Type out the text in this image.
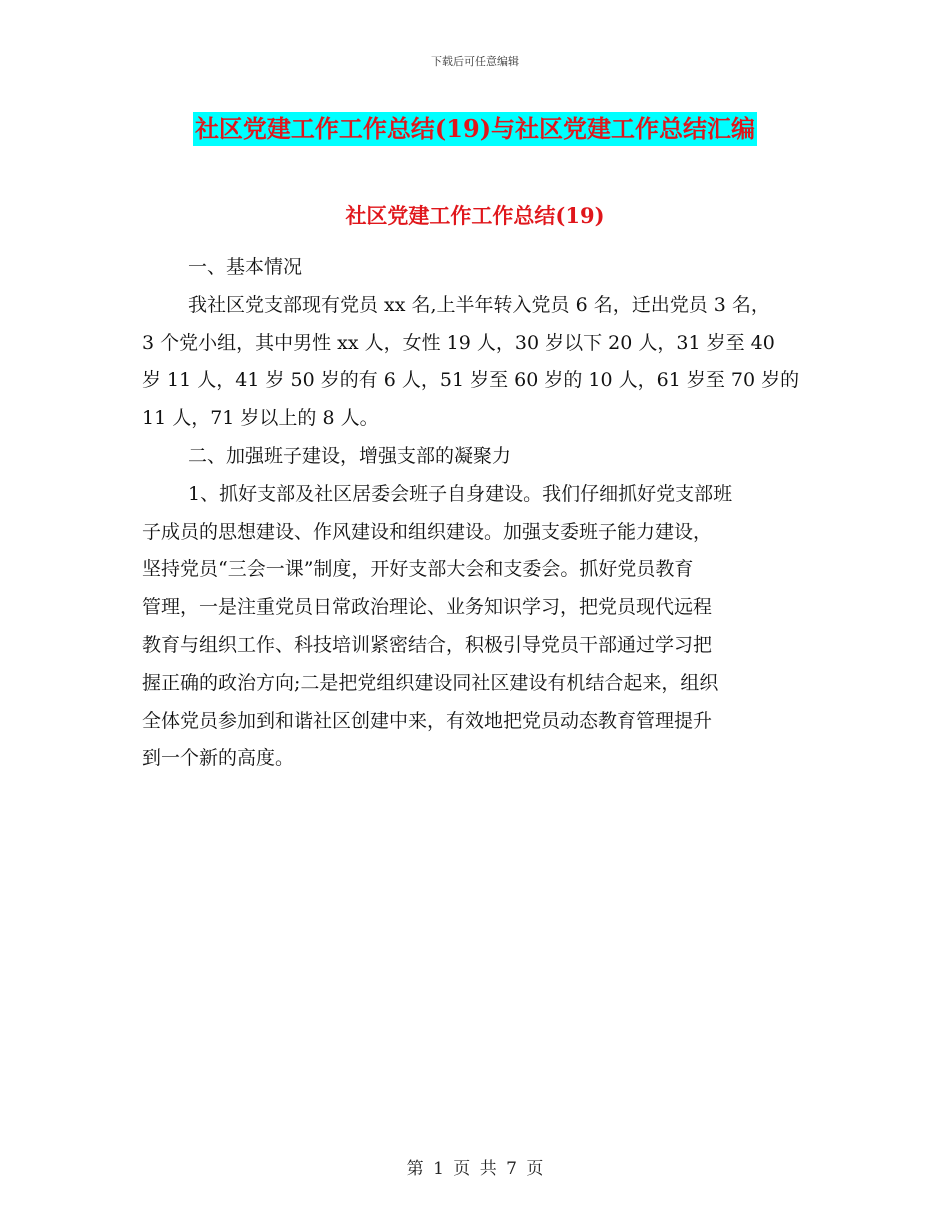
下载后可任意编辑
社区党建工作工作总结(19)与社区党建工作总结汇编
社区党建工作工作总结(19)
一、基本情况
我社区党支部现有党员 xx 名,上半年转入党员 6 名，迁出党员 3 名，
3 个党小组，其中男性 xx 人，女性 19 人，30 岁以下 20 人，31 岁至 40
岁 11 人，41 岁 50 岁的有 6 人，51 岁至 60 岁的 10 人，61 岁至 70 岁的
11 人，71 岁以上的 8 人。
二、加强班子建设，增强支部的凝聚力
1、抓好支部及社区居委会班子自身建设。我们仔细抓好党支部班
子成员的思想建设、作风建设和组织建设。加强支委班子能力建设，
坚持党员“三会一课”制度，开好支部大会和支委会。抓好党员教育
管理，一是注重党员日常政治理论、业务知识学习，把党员现代远程
教育与组织工作、科技培训紧密结合，积极引导党员干部通过学习把
握正确的政治方向;二是把党组织建设同社区建设有机结合起来，组织
全体党员参加到和谐社区创建中来，有效地把党员动态教育管理提升
到一个新的高度。
第 1 页 共 7 页
